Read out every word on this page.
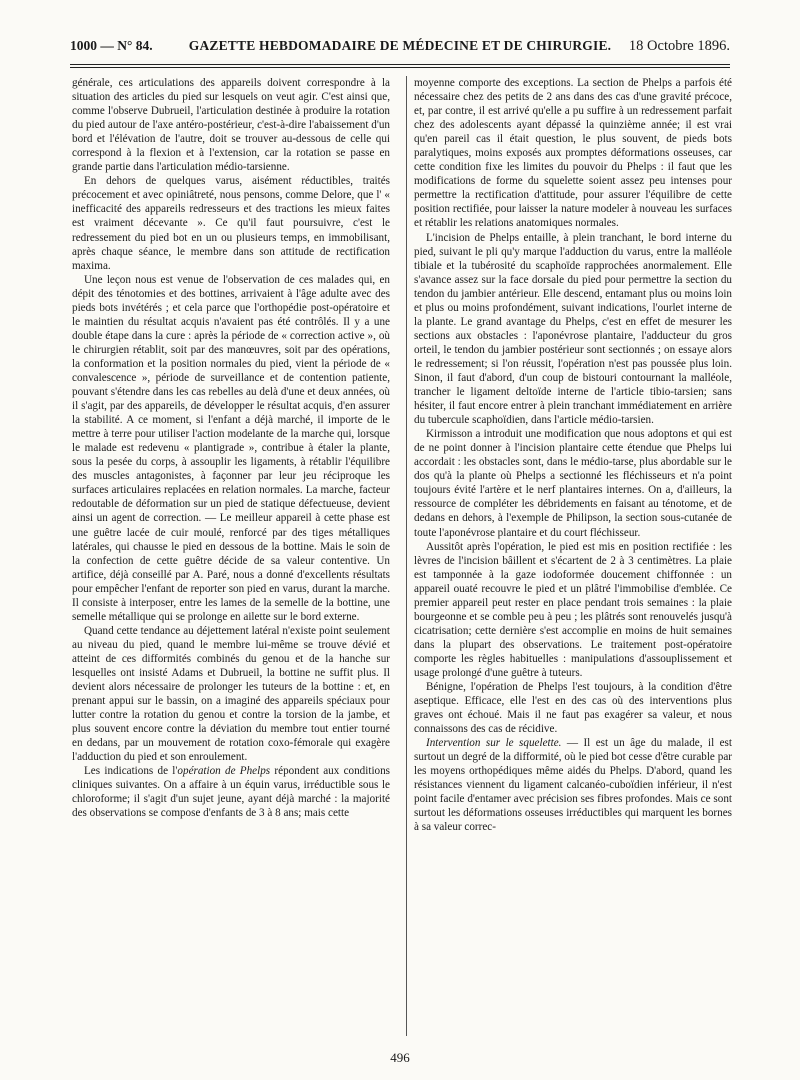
1000 — N° 84.	GAZETTE HEBDOMADAIRE DE MÉDECINE ET DE CHIRURGIE.	18 Octobre 1896.

générale, ces articulations des appareils doivent correspondre à la situation des articles du pied sur lesquels on veut agir. C'est ainsi que, comme l'observe Dubrueil, l'articulation destinée à produire la rotation du pied autour de l'axe antéro-postérieur, c'est-à-dire l'abaissement d'un bord et l'élévation de l'autre, doit se trouver au-dessous de celle qui correspond à la flexion et à l'extension, car la rotation se passe en grande partie dans l'articulation médio-tarsienne.

En dehors de quelques varus, aisément réductibles, traités précocement et avec opiniâtreté, nous pensons, comme Delore, que l' « inefficacité des appareils redresseurs et des tractions les mieux faites est vraiment décevante ». Ce qu'il faut poursuivre, c'est le redressement du pied bot en un ou plusieurs temps, en immobilisant, après chaque séance, le membre dans son attitude de rectification maxima.

Une leçon nous est venue de l'observation de ces malades qui, en dépit des ténotomies et des bottines, arrivaient à l'âge adulte avec des pieds bots invétérés ; et cela parce que l'orthopédie post-opératoire et le maintien du résultat acquis n'avaient pas été contrôlés. Il y a une double étape dans la cure : après la période de « correction active », où le chirurgien rétablit, soit par des manœuvres, soit par des opérations, la conformation et la position normales du pied, vient la période de « convalescence », période de surveillance et de contention patiente, pouvant s'étendre dans les cas rebelles au delà d'une et deux années, où il s'agit, par des appareils, de développer le résultat acquis, d'en assurer la stabilité. A ce moment, si l'enfant a déjà marché, il importe de le mettre à terre pour utiliser l'action modelante de la marche qui, lorsque le malade est redevenu « plantigrade », contribue à étaler la plante, sous la pesée du corps, à assouplir les ligaments, à rétablir l'équilibre des muscles antagonistes, à façonner par leur jeu réciproque les surfaces articulaires replacées en relation normales. La marche, facteur redoutable de déformation sur un pied de statique défectueuse, devient ainsi un agent de correction. — Le meilleur appareil à cette phase est une guêtre lacée de cuir moulé, renforcé par des tiges métalliques latérales, qui chausse le pied en dessous de la bottine. Mais le soin de la confection de cette guêtre décide de sa valeur contentive. Un artifice, déjà conseillé par A. Paré, nous a donné d'excellents résultats pour empêcher l'enfant de reporter son pied en varus, durant la marche. Il consiste à interposer, entre les lames de la semelle de la bottine, une semelle métallique qui se prolonge en ailette sur le bord externe.

Quand cette tendance au déjettement latéral n'existe point seulement au niveau du pied, quand le membre lui-même se trouve dévié et atteint de ces difformités combinés du genou et de la hanche sur lesquelles ont insisté Adams et Dubrueil, la bottine ne suffit plus. Il devient alors nécessaire de prolonger les tuteurs de la bottine : et, en prenant appui sur le bassin, on a imaginé des appareils spéciaux pour lutter contre la rotation du genou et contre la torsion de la jambe, et plus souvent encore contre la déviation du membre tout entier tourné en dedans, par un mouvement de rotation coxo-fémorale qui exagère l'adduction du pied et son enroulement.

Les indications de l'opération de Phelps répondent aux conditions cliniques suivantes. On a affaire à un équin varus, irréductible sous le chloroforme; il s'agit d'un sujet jeune, ayant déjà marché : la majorité des observations se compose d'enfants de 3 à 8 ans; mais cette

moyenne comporte des exceptions. La section de Phelps a parfois été nécessaire chez des petits de 2 ans dans des cas d'une gravité précoce, et, par contre, il est arrivé qu'elle a pu suffire à un redressement parfait chez des adolescents ayant dépassé la quinzième année; il est vrai qu'en pareil cas il était question, le plus souvent, de pieds bots paralytiques, moins exposés aux promptes déformations osseuses, car cette condition fixe les limites du pouvoir du Phelps : il faut que les modifications de forme du squelette soient assez peu intenses pour permettre la rectification d'attitude, pour assurer l'équilibre de cette position rectifiée, pour laisser la nature modeler à nouveau les surfaces et rétablir les relations anatomiques normales.

L'incision de Phelps entaille, à plein tranchant, le bord interne du pied, suivant le pli qu'y marque l'adduction du varus, entre la malléole tibiale et la tubérosité du scaphoïde rapprochées anormalement. Elle s'avance assez sur la face dorsale du pied pour permettre la section du tendon du jambier antérieur. Elle descend, entamant plus ou moins loin et plus ou moins profondément, suivant indications, l'ourlet interne de la plante. Le grand avantage du Phelps, c'est en effet de mesurer les sections aux obstacles : l'aponévrose plantaire, l'adducteur du gros orteil, le tendon du jambier postérieur sont sectionnés ; on essaye alors le redressement; si l'on réussit, l'opération n'est pas poussée plus loin. Sinon, il faut d'abord, d'un coup de bistouri contournant la malléole, trancher le ligament deltoïde interne de l'article tibio-tarsien; sans hésiter, il faut encore entrer à plein tranchant immédiatement en arrière du tubercule scaphoïdien, dans l'article médio-tarsien.

Kirmisson a introduit une modification que nous adoptons et qui est de ne point donner à l'incision plantaire cette étendue que Phelps lui accordait : les obstacles sont, dans le médio-tarse, plus abordable sur le dos qu'à la plante où Phelps a sectionné les fléchisseurs et n'a point toujours évité l'artère et le nerf plantaires internes. On a, d'ailleurs, la ressource de compléter les débridements en faisant au ténotome, et de dedans en dehors, à l'exemple de Philipson, la section sous-cutanée de toute l'aponévrose plantaire et du court fléchisseur.

Aussitôt après l'opération, le pied est mis en position rectifiée : les lèvres de l'incision bâillent et s'écartent de 2 à 3 centimètres. La plaie est tamponnée à la gaze iodoformée doucement chiffonnée : un appareil ouaté recouvre le pied et un plâtré l'immobilise d'emblée. Ce premier appareil peut rester en place pendant trois semaines : la plaie bourgeonne et se comble peu à peu ; les plâtrés sont renouvelés jusqu'à cicatrisation; cette dernière s'est accomplie en moins de huit semaines dans la plupart des observations. Le traitement post-opératoire comporte les règles habituelles : manipulations d'assouplissement et usage prolongé d'une guêtre à tuteurs.

Bénigne, l'opération de Phelps l'est toujours, à la condition d'être aseptique. Efficace, elle l'est en des cas où des interventions plus graves ont échoué. Mais il ne faut pas exagérer sa valeur, et nous connaissons des cas de récidive.

Intervention sur le squelette. — Il est un âge du malade, il est surtout un degré de la difformité, où le pied bot cesse d'être curable par les moyens orthopédiques même aidés du Phelps. D'abord, quand les résistances viennent du ligament calcanéo-cuboïdien inférieur, il n'est point facile d'entamer avec précision ses fibres profondes. Mais ce sont surtout les déformations osseuses irréductibles qui marquent les bornes à sa valeur correc-

496
